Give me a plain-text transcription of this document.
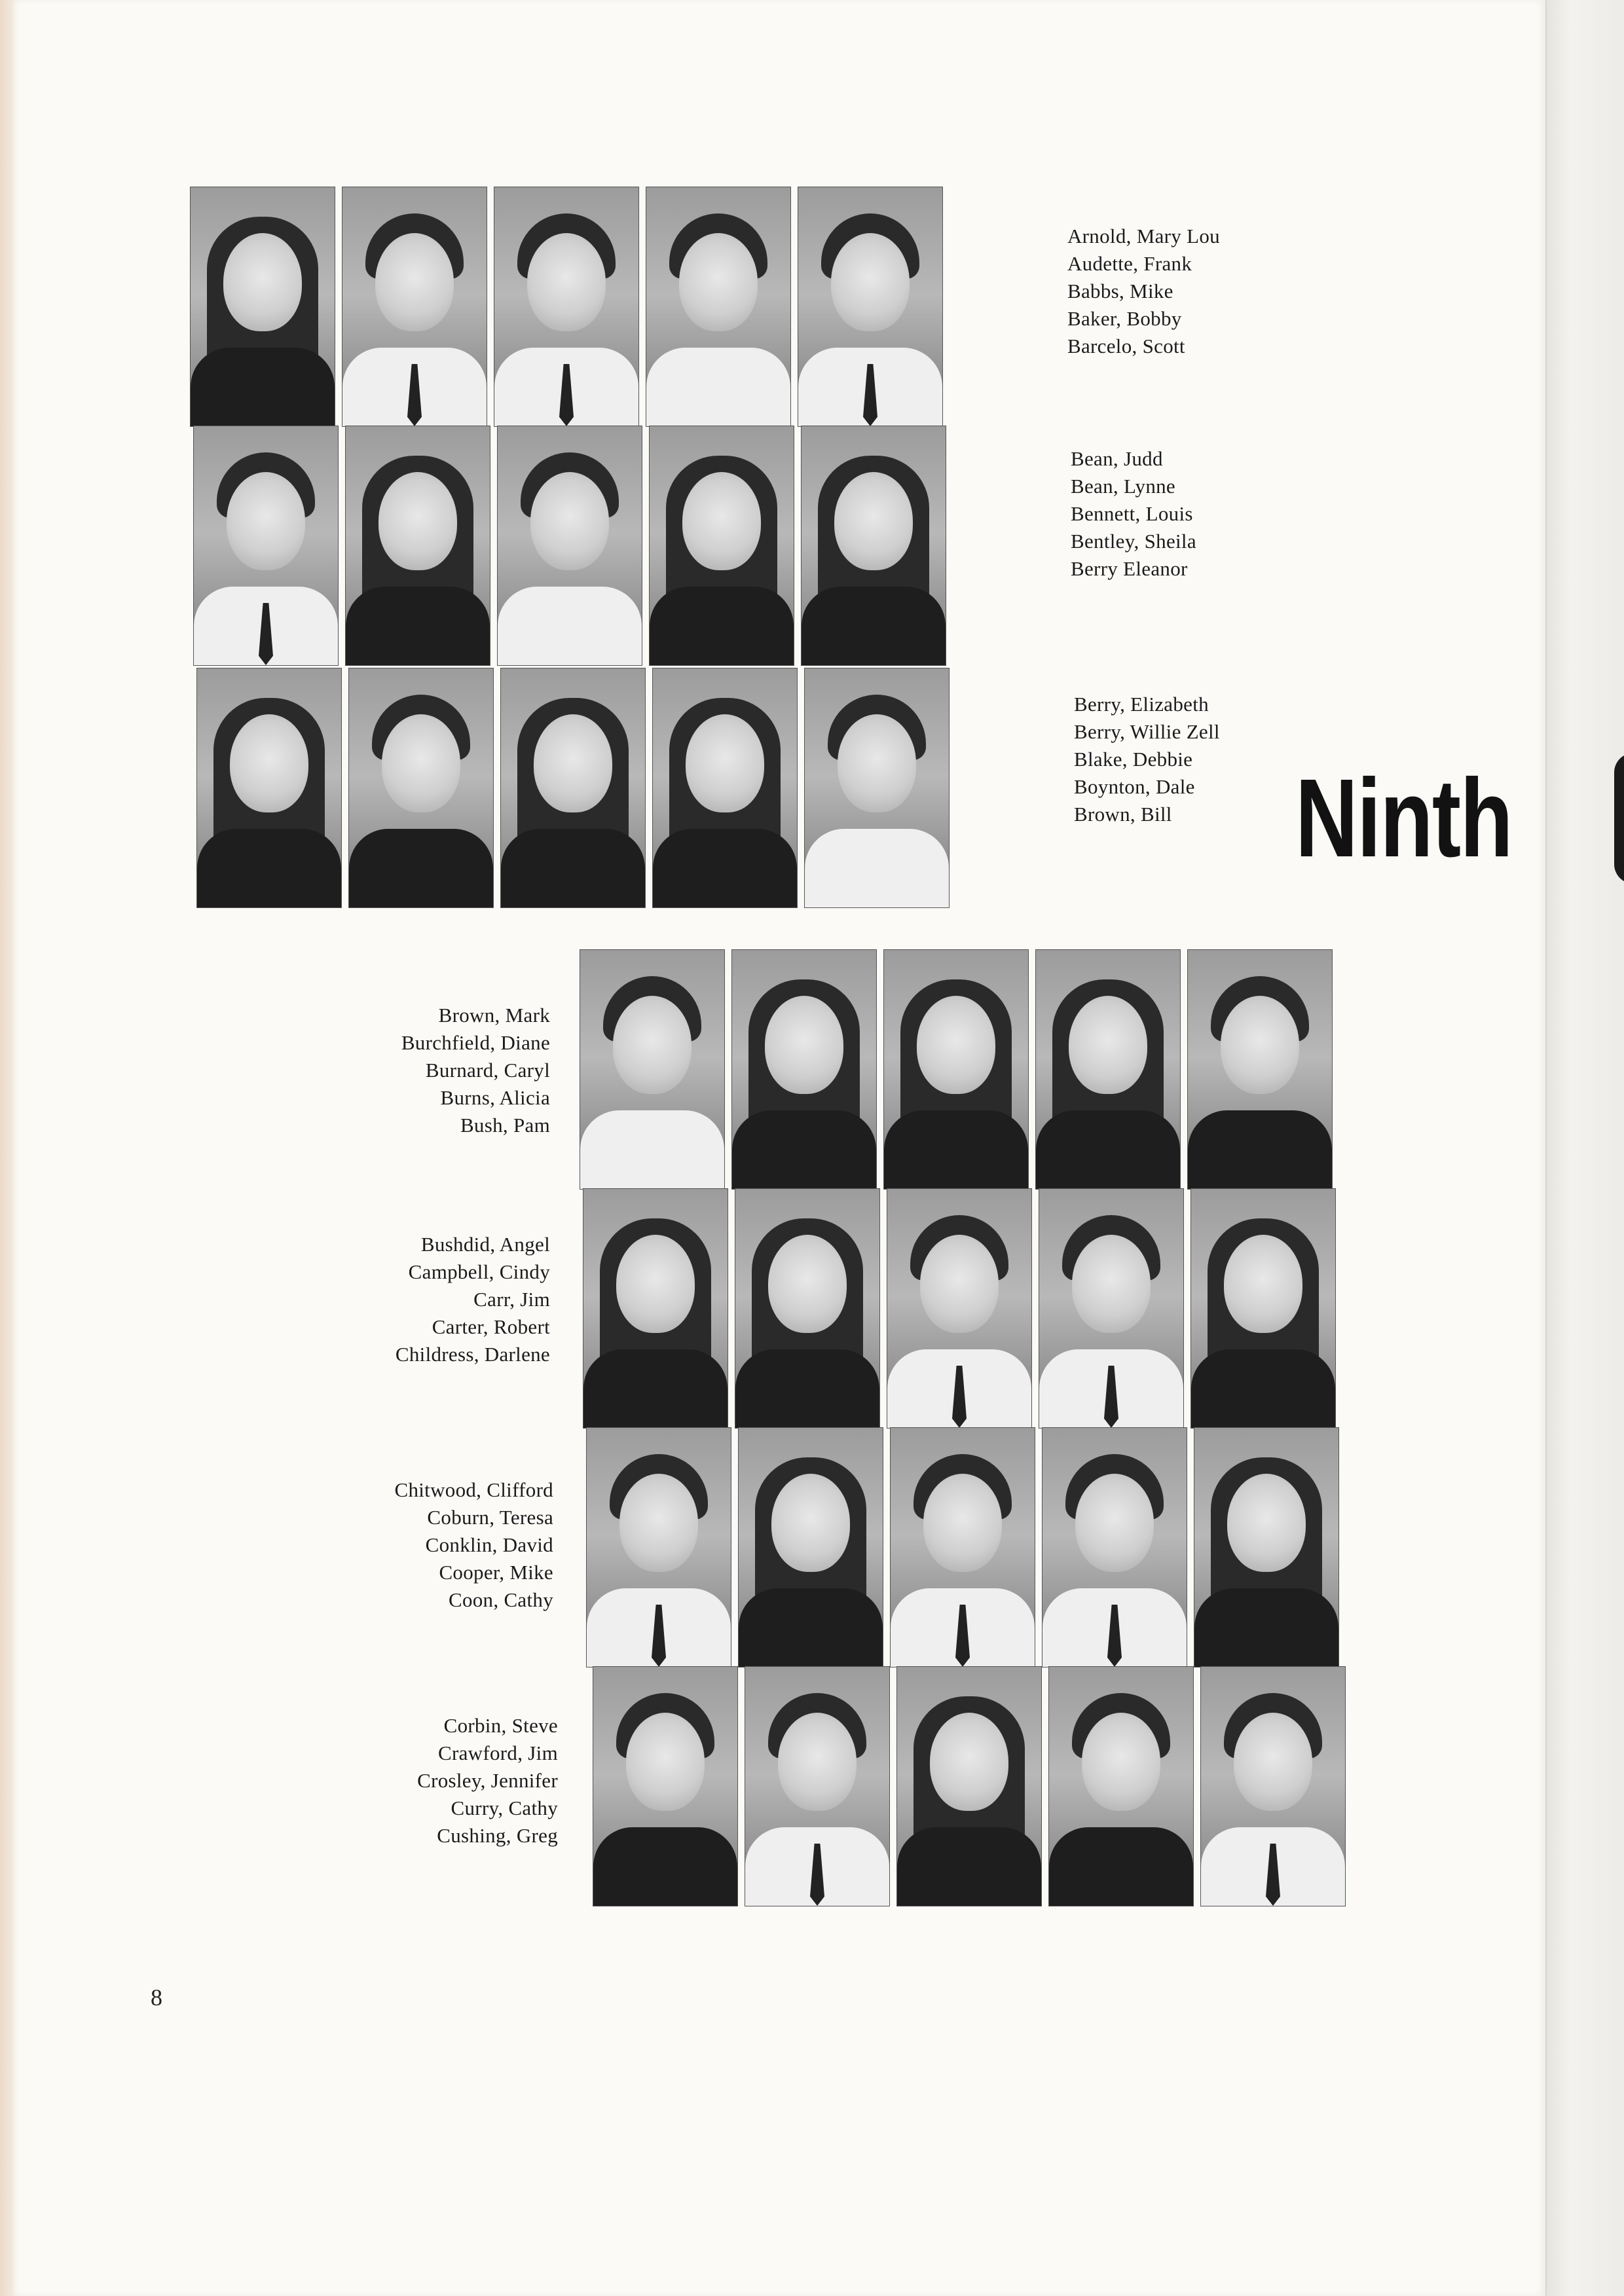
Arnold, Mary Lou
Audette, Frank
Babbs, Mike
Baker, Bobby
Barcelo, Scott
Bean, Judd
Bean, Lynne
Bennett, Louis
Bentley, Sheila
Berry Eleanor
Berry, Elizabeth
Berry, Willie Zell
Blake, Debbie
Boynton, Dale
Brown, Bill	Ninth
Brown, Mark
Burchfield, Diane
Burnard, Caryl
Burns, Alicia
Bush, Pam
Bushdid, Angel
Campbell, Cindy
Carr, Jim
Carter, Robert
Childress, Darlene
Chitwood, Clifford
Coburn, Teresa
Conklin, David
Cooper, Mike
Coon, Cathy
Corbin, Steve
Crawford, Jim
Crosley, Jennifer
Curry, Cathy
Cushing, Greg
8
